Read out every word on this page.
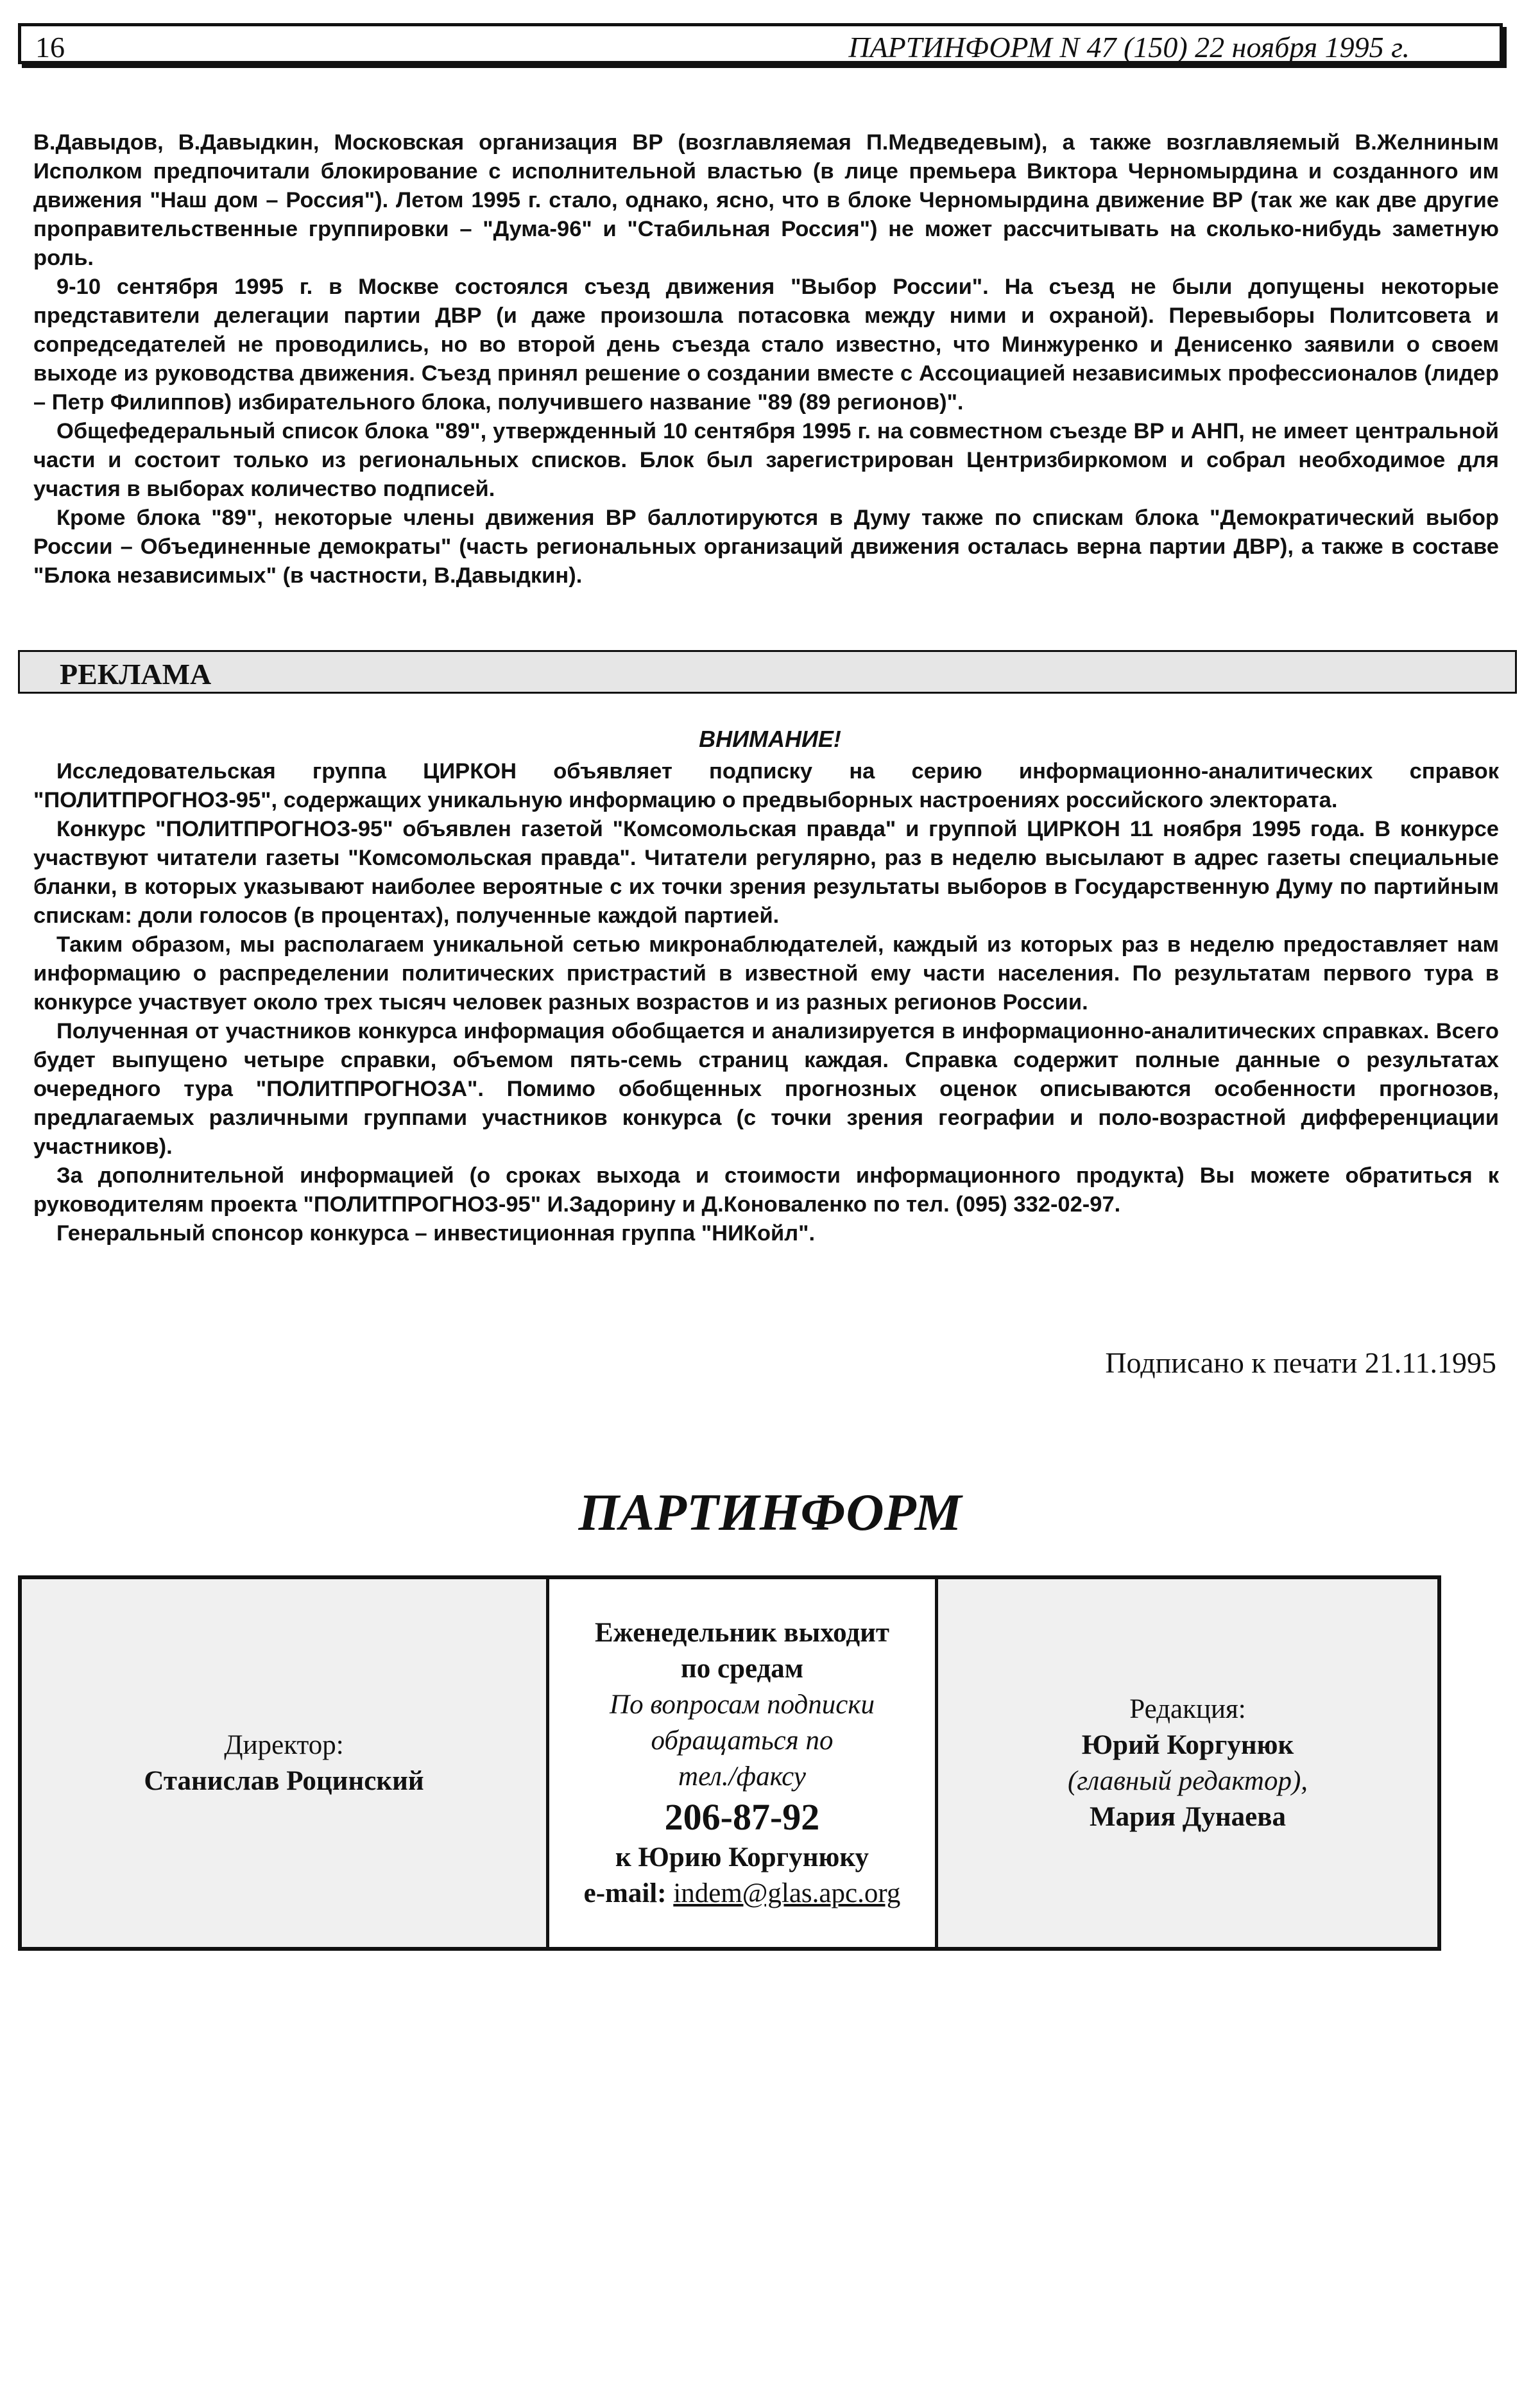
16	ПАРТИНФОРМ N 47 (150) 22 ноября 1995 г.

В.Давыдов, В.Давыдкин, Московская организация ВР (возглавляемая П.Медведевым), а также возглавляемый В.Желниным Исполком предпочитали блокирование с исполнительной властью (в лице премьера Виктора Черномырдина и созданного им движения "Наш дом – Россия"). Летом 1995 г. стало, однако, ясно, что в блоке Черномырдина движение ВР (так же как две другие проправительственные группировки – "Дума-96" и "Стабильная Россия") не может рассчитывать на сколько-нибудь заметную роль.

9-10 сентября 1995 г. в Москве состоялся съезд движения "Выбор России". На съезд не были допущены некоторые представители делегации партии ДВР (и даже произошла потасовка между ними и охраной). Перевыборы Политсовета и сопредседателей не проводились, но во второй день съезда стало известно, что Минжуренко и Денисенко заявили о своем выходе из руководства движения. Съезд принял решение о создании вместе с Ассоциацией независимых профессионалов (лидер – Петр Филиппов) избирательного блока, получившего название "89 (89 регионов)".

Общефедеральный список блока "89", утвержденный 10 сентября 1995 г. на совместном съезде ВР и АНП, не имеет центральной части и состоит только из региональных списков. Блок был зарегистрирован Центризбиркомом и собрал необходимое для участия в выборах количество подписей.

Кроме блока "89", некоторые члены движения ВР баллотируются в Думу также по спискам блока "Демократический выбор России – Объединенные демократы" (часть региональных организаций движения осталась верна партии ДВР), а также в составе "Блока независимых" (в частности, В.Давыдкин).

РЕКЛАМА
ВНИМАНИЕ!

Исследовательская группа ЦИРКОН объявляет подписку на серию информационно-аналитических справок "ПОЛИТПРОГНОЗ-95", содержащих уникальную информацию о предвыборных настроениях российского электората.

Конкурс "ПОЛИТПРОГНОЗ-95" объявлен газетой "Комсомольская правда" и группой ЦИРКОН 11 ноября 1995 года. В конкурсе участвуют читатели газеты "Комсомольская правда". Читатели регулярно, раз в неделю высылают в адрес газеты специальные бланки, в которых указывают наиболее вероятные с их точки зрения результаты выборов в Государственную Думу по партийным спискам: доли голосов (в процентах), полученные каждой партией.

Таким образом, мы располагаем уникальной сетью микронаблюдателей, каждый из которых раз в неделю предоставляет нам информацию о распределении политических пристрастий в известной ему части населения. По результатам первого тура в конкурсе участвует около трех тысяч человек разных возрастов и из разных регионов России.

Полученная от участников конкурса информация обобщается и анализируется в информационно-аналитических справках. Всего будет выпущено четыре справки, объемом пять-семь страниц каждая. Справка содержит полные данные о результатах очередного тура "ПОЛИТПРОГНОЗА". Помимо обобщенных прогнозных оценок описываются особенности прогнозов, предлагаемых различными группами участников конкурса (с точки зрения географии и поло-возрастной дифференциации участников).

За дополнительной информацией (о сроках выхода и стоимости информационного продукта) Вы можете обратиться к руководителям проекта "ПОЛИТПРОГНОЗ-95" И.Задорину и Д.Коноваленко по тел. (095) 332-02-97.

Генеральный спонсор конкурса – инвестиционная группа "НИКойл".

Подписано к печати 21.11.1995
ПАРТИНФОРМ
Директор:
Станислав Роцинский
Еженедельник выходит
по средам
По вопросам подписки
обращаться по
тел./факсу
206-87-92
к Юрию Коргунюку
e-mail: indem@glas.apc.org
Редакция:
Юрий Коргунюк
(главный редактор),
Мария Дунаева
